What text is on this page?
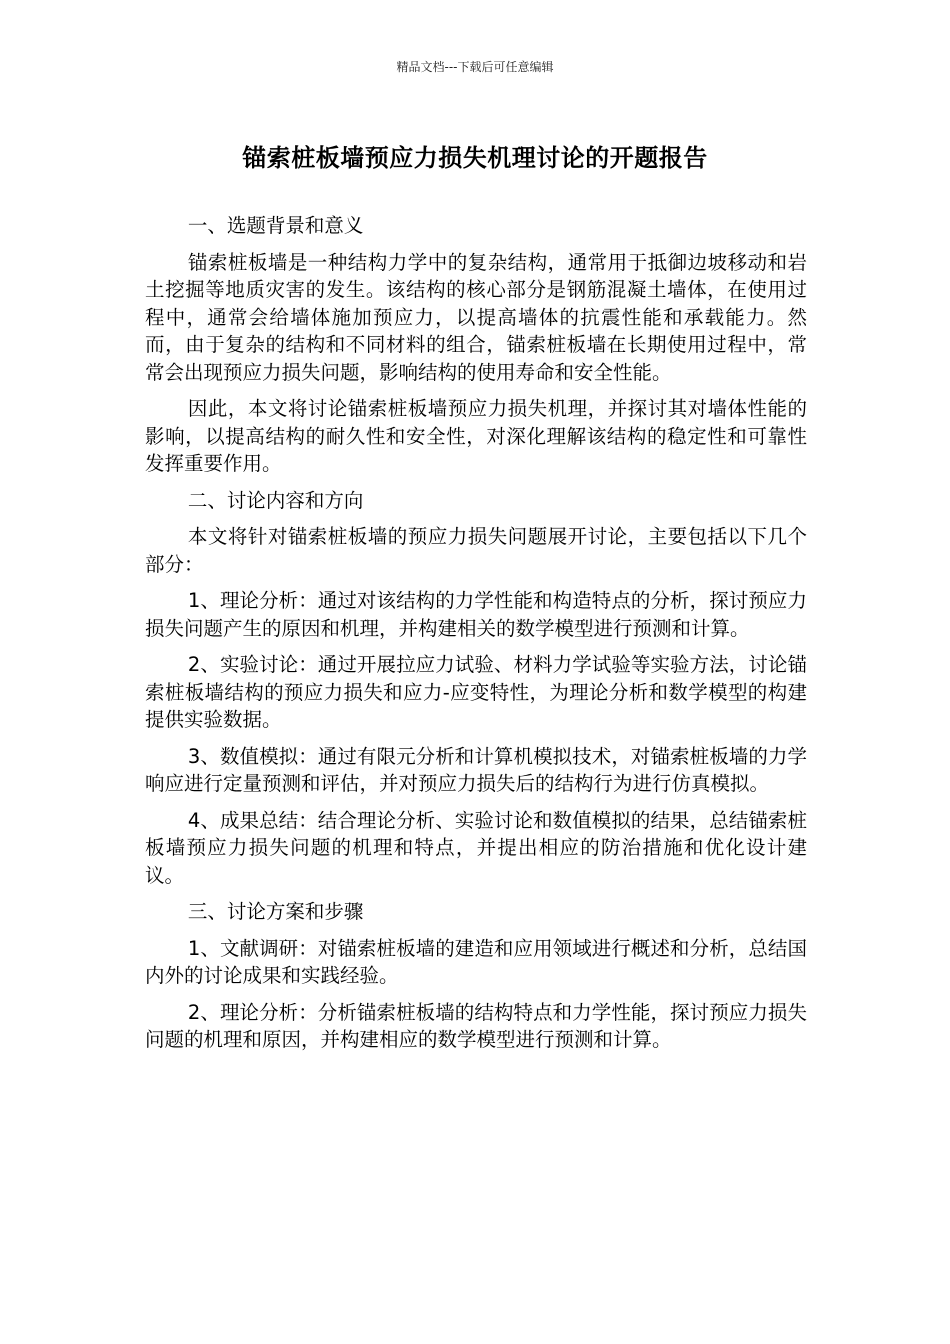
精品文档---下载后可任意编辑
锚索桩板墙预应力损失机理讨论的开题报告

一、选题背景和意义

锚索桩板墙是一种结构力学中的复杂结构，通常用于抵御边坡移动和岩土挖掘等地质灾害的发生。该结构的核心部分是钢筋混凝土墙体，在使用过程中，通常会给墙体施加预应力，以提高墙体的抗震性能和承载能力。然而，由于复杂的结构和不同材料的组合，锚索桩板墙在长期使用过程中，常常会出现预应力损失问题，影响结构的使用寿命和安全性能。

因此，本文将讨论锚索桩板墙预应力损失机理，并探讨其对墙体性能的影响，以提高结构的耐久性和安全性，对深化理解该结构的稳定性和可靠性发挥重要作用。

二、讨论内容和方向

本文将针对锚索桩板墙的预应力损失问题展开讨论，主要包括以下几个部分：

1、理论分析：通过对该结构的力学性能和构造特点的分析，探讨预应力损失问题产生的原因和机理，并构建相关的数学模型进行预测和计算。

2、实验讨论：通过开展拉应力试验、材料力学试验等实验方法，讨论锚索桩板墙结构的预应力损失和应力-应变特性，为理论分析和数学模型的构建提供实验数据。

3、数值模拟：通过有限元分析和计算机模拟技术，对锚索桩板墙的力学响应进行定量预测和评估，并对预应力损失后的结构行为进行仿真模拟。

4、成果总结：结合理论分析、实验讨论和数值模拟的结果，总结锚索桩板墙预应力损失问题的机理和特点，并提出相应的防治措施和优化设计建议。

三、讨论方案和步骤

1、文献调研：对锚索桩板墙的建造和应用领域进行概述和分析，总结国内外的讨论成果和实践经验。

2、理论分析：分析锚索桩板墙的结构特点和力学性能，探讨预应力损失问题的机理和原因，并构建相应的数学模型进行预测和计算。
